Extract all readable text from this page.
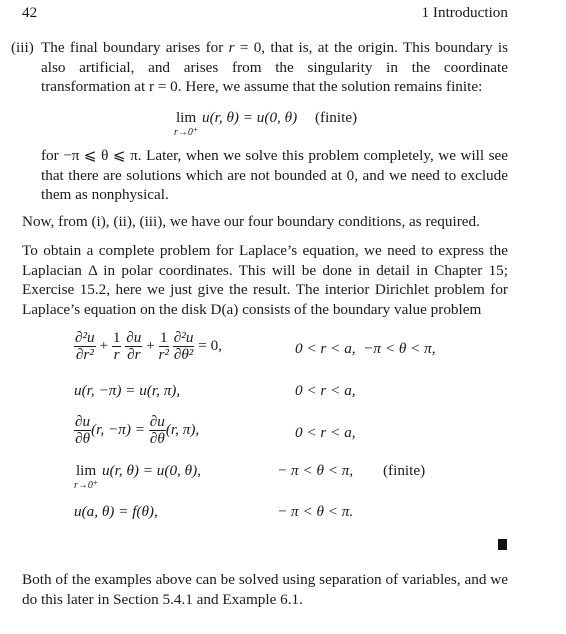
42	1 Introduction
(iii) The final boundary arises for r = 0, that is, at the origin. This boundary is also artificial, and arises from the singularity in the coordinate transformation at r = 0. Here, we assume that the solution remains finite:
lim
r→0⁺
u(r, θ) = u(0, θ) (finite)
for −π ⩽ θ ⩽ π. Later, when we solve this problem completely, we will see that there are solutions which are not bounded at 0, and we need to exclude them as nonphysical.
Now, from (i), (ii), (iii), we have our four boundary conditions, as required.
To obtain a complete problem for Laplace’s equation, we need to express the Laplacian Δ in polar coordinates. This will be done in detail in Chapter 15; Exercise 15.2, here we just give the result. The interior Dirichlet problem for Laplace’s equation on the disk D(a) consists of the boundary value problem
$\frac{\text{∂²u}}{\text{∂r²}} + \frac{1}{r}$
$\frac{\partial u}{\partial r} + \frac{1}{\text{r²}}$
$\frac{\text{∂²u}}{\text{∂θ²}} = 0$,	0 < r < a,  −π < θ < π,
u(r, −π) = u(r, π),	0 < r < a,
$\frac{\partial u}{\partial\theta} (r$, $-\pi) = \frac{\partial u}{\partial\theta} (r$, π),	0 < r < a,
lim
r→0⁺
u(r, θ) = u(0, θ),	− π < θ < π, (finite)
u(a, θ) = f(θ),	− π < θ < π.
Both of the examples above can be solved using separation of variables, and we do this later in Section 5.4.1 and Example 6.1.
